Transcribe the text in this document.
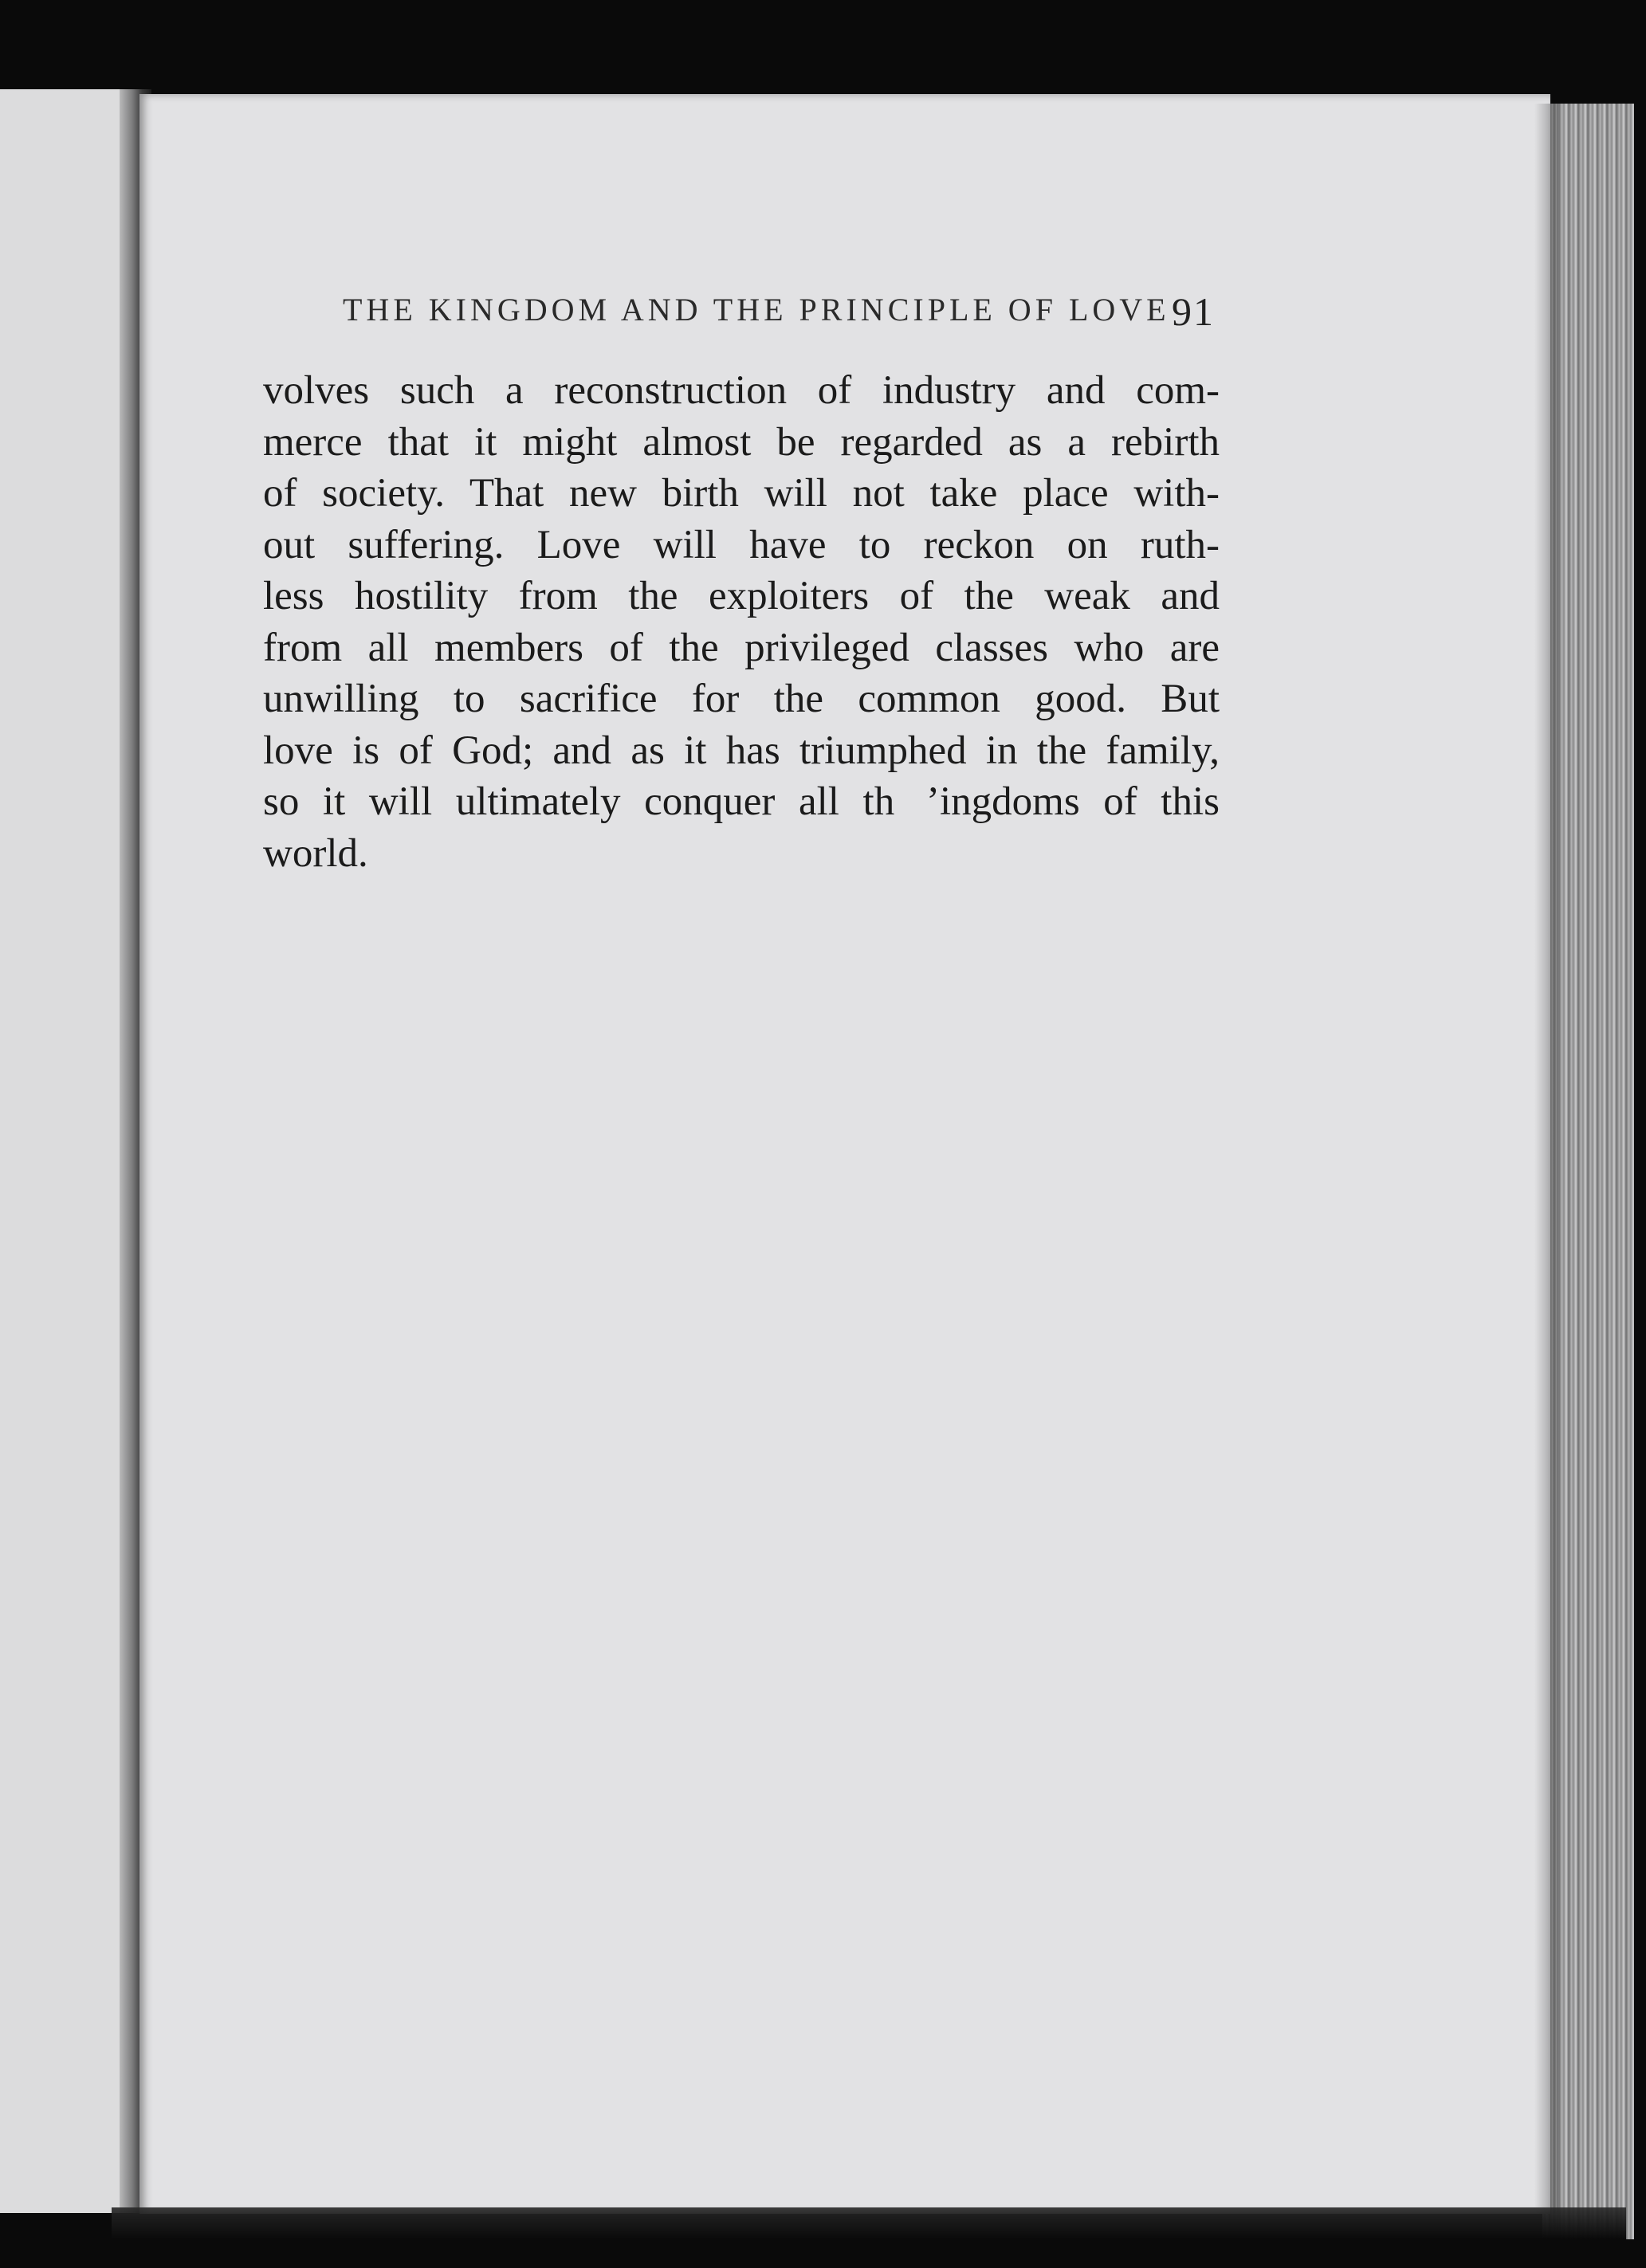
THE KINGDOM AND THE PRINCIPLE OF LOVE 91
volves such a reconstruction of industry and com-
merce that it might almost be regarded as a rebirth
of society. That new birth will not take place with-
out suffering. Love will have to reckon on ruth-
less hostility from the exploiters of the weak and
from all members of the privileged classes who are
unwilling to sacrifice for the common good. But
love is of God; and as it has triumphed in the family,
so it will ultimately conquer all th  ʼingdoms of this
world.
